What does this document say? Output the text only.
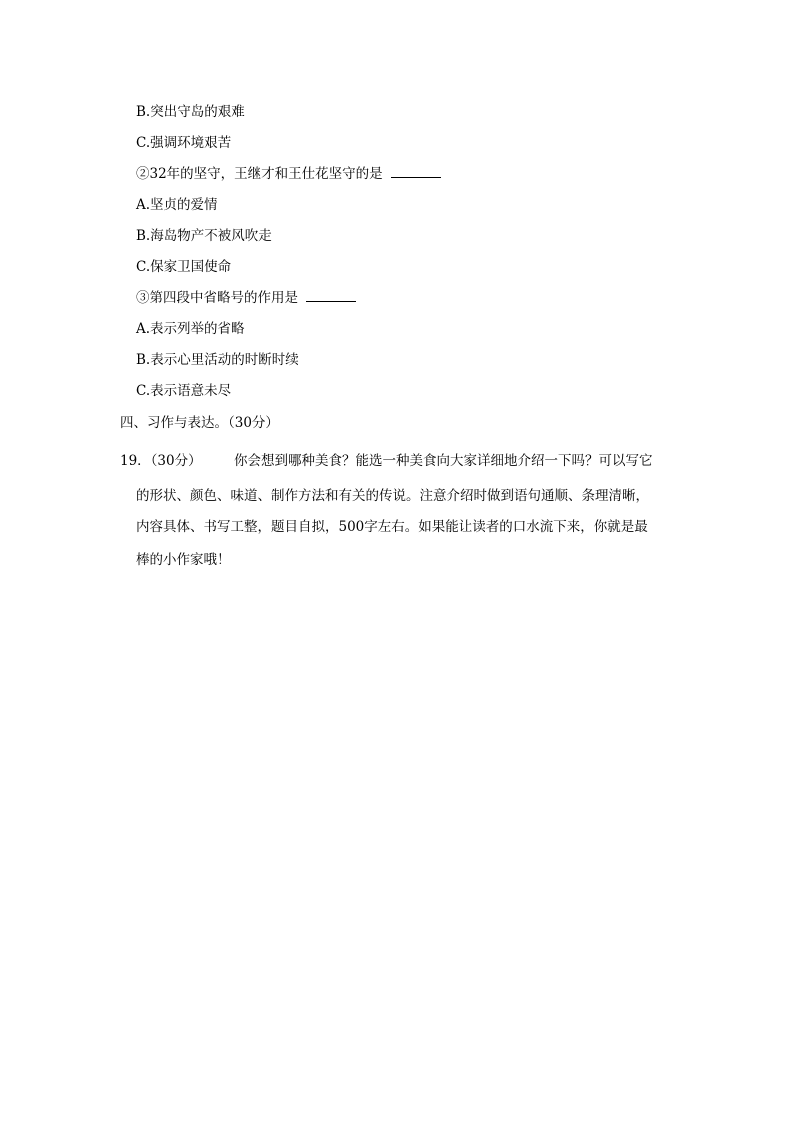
B.突出守岛的艰难
C.强调环境艰苦
②32年的坚守，王继才和王仕花坚守的是
A.坚贞的爱情
B.海岛物产不被风吹走
C.保家卫国使命
③第四段中省略号的作用是
A.表示列举的省略
B.表示心里活动的时断时续
C.表示语意未尽
四、习作与表达。（30分）
19．（30分） 你会想到哪种美食？能选一种美食向大家详细地介绍一下吗？可以写它
的形状、颜色、味道、制作方法和有关的传说。注意介绍时做到语句通顺、条理清晰，
内容具体、书写工整，题目自拟，500字左右。如果能让读者的口水流下来，你就是最
棒的小作家哦！
